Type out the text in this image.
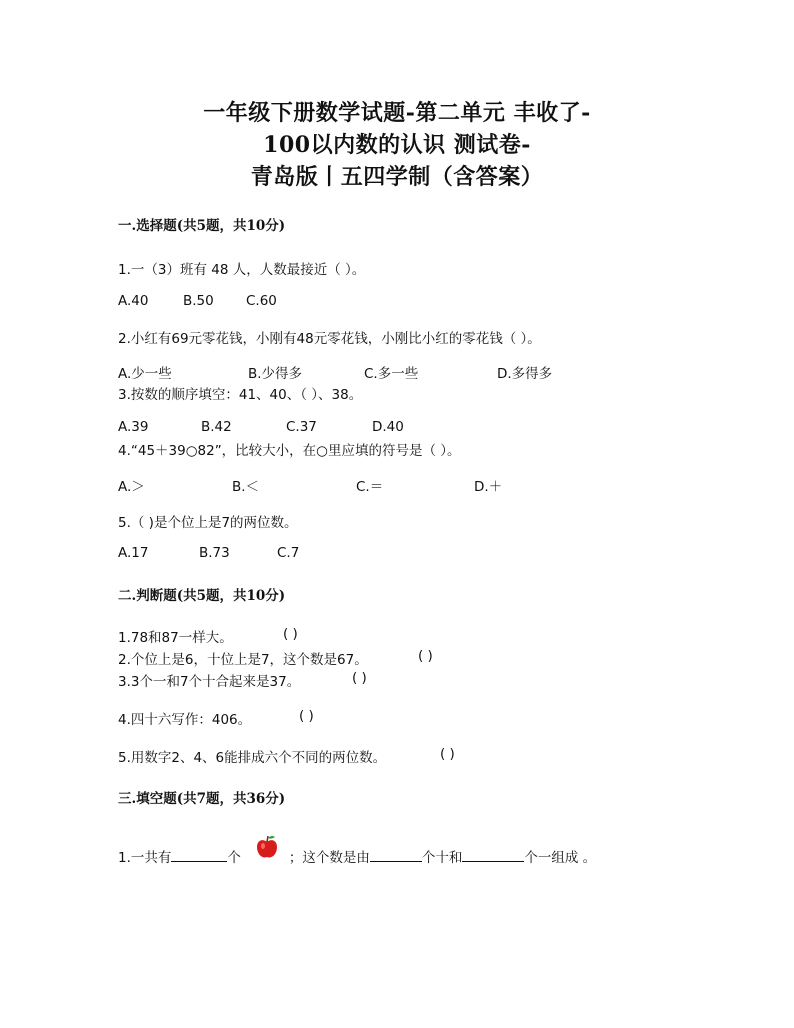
一年级下册数学试题-第二单元 丰收了-
100以内数的认识 测试卷-
青岛版丨五四学制（含答案）
一.选择题(共5题，共10分)
1.一（3）班有 48 人，人数最接近（ ）。
A.40	B.50 C.60
2.小红有69元零花钱，小刚有48元零花钱，小刚比小红的零花钱（ ）。
A.少一些	B.少得多	C.多一些	D.多得多
3.按数的顺序填空：41、40、（ ）、38。
A.39	B.42	C.37	D.40
4.“45＋39○82”，比较大小，在○里应填的符号是（ ）。
A.＞	B.＜	C.＝	D.＋
5.（ )是个位上是7的两位数。
A.17	B.73	C.7
二.判断题(共5题，共10分)
1.78和87一样大。	( )
2.个位上是6，十位上是7，这个数是67。	( )
3.3个一和7个十合起来是37。	( )
4.四十六写作：406。	( )
5.用数字2、4、6能排成六个不同的两位数。	( )
三.填空题(共7题，共36分)
1.一共有	个	；这个数是由	个十和	个一组成 。
